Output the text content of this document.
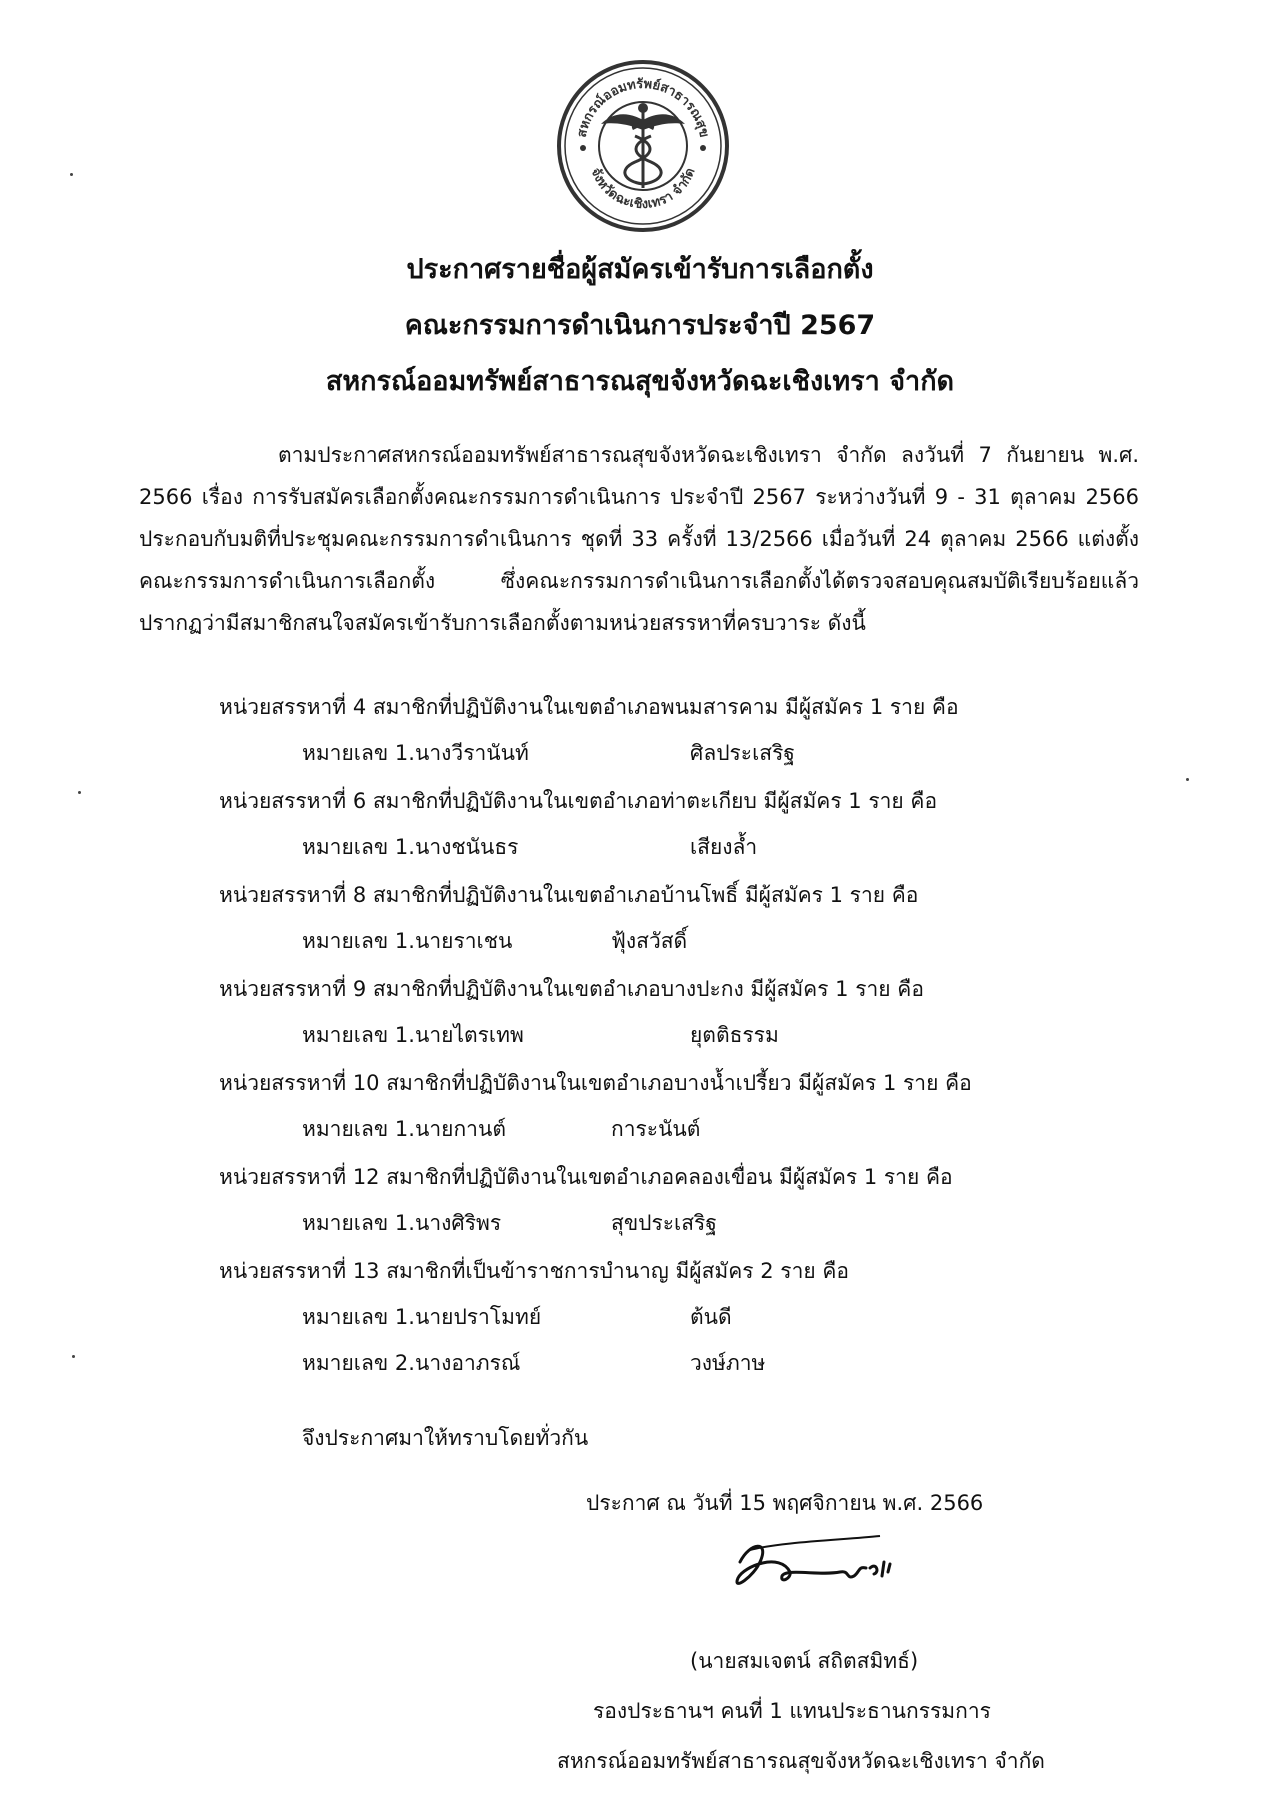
สหกรณ์ออมทรัพย์สาธารณสุข
จังหวัดฉะเชิงเทรา จำกัด
ประกาศรายชื่อผู้สมัครเข้ารับการเลือกตั้ง
คณะกรรมการดำเนินการประจำปี 2567
สหกรณ์ออมทรัพย์สาธารณสุขจังหวัดฉะเชิงเทรา จำกัด

ตามประกาศสหกรณ์ออมทรัพย์สาธารณสุขจังหวัดฉะเชิงเทรา จำกัด ลงวันที่ 7 กันยายน พ.ศ. 2566 เรื่อง การรับสมัครเลือกตั้งคณะกรรมการดำเนินการ ประจำปี 2567 ระหว่างวันที่ 9 - 31 ตุลาคม 2566 ประกอบกับมติที่ประชุมคณะกรรมการดำเนินการ ชุดที่ 33 ครั้งที่ 13/2566 เมื่อวันที่ 24 ตุลาคม 2566 แต่งตั้งคณะกรรมการดำเนินการเลือกตั้ง ซึ่งคณะกรรมการดำเนินการเลือกตั้งได้ตรวจสอบคุณสมบัติเรียบร้อยแล้ว ปรากฏว่ามีสมาชิกสนใจสมัครเข้ารับการเลือกตั้งตามหน่วยสรรหาที่ครบวาระ ดังนี้

หน่วยสรรหาที่ 4 สมาชิกที่ปฏิบัติงานในเขตอำเภอพนมสารคาม มีผู้สมัคร 1 ราย คือ
หมายเลข 1. นางวีรานันท์	ศิลประเสริฐ
หน่วยสรรหาที่ 6 สมาชิกที่ปฏิบัติงานในเขตอำเภอท่าตะเกียบ มีผู้สมัคร 1 ราย คือ
หมายเลข 1. นางชนันธร	เสียงล้ำ
หน่วยสรรหาที่ 8 สมาชิกที่ปฏิบัติงานในเขตอำเภอบ้านโพธิ์ มีผู้สมัคร 1 ราย คือ
หมายเลข 1. นายราเชน	ฟุ้งสวัสดิ์
หน่วยสรรหาที่ 9 สมาชิกที่ปฏิบัติงานในเขตอำเภอบางปะกง มีผู้สมัคร 1 ราย คือ
หมายเลข 1. นายไตรเทพ	ยุตติธรรม
หน่วยสรรหาที่ 10 สมาชิกที่ปฏิบัติงานในเขตอำเภอบางน้ำเปรี้ยว มีผู้สมัคร 1 ราย คือ
หมายเลข 1. นายกานต์	การะนันต์
หน่วยสรรหาที่ 12 สมาชิกที่ปฏิบัติงานในเขตอำเภอคลองเขื่อน มีผู้สมัคร 1 ราย คือ
หมายเลข 1. นางศิริพร	สุขประเสริฐ
หน่วยสรรหาที่ 13 สมาชิกที่เป็นข้าราชการบำนาญ มีผู้สมัคร 2 ราย คือ
หมายเลข 1. นายปราโมทย์	ต้นดี
หมายเลข 2. นางอาภรณ์	วงษ์ภาษ
จึงประกาศมาให้ทราบโดยทั่วกัน
ประกาศ ณ วันที่ 15 พฤศจิกายน พ.ศ. 2566
(นายสมเจตน์ สถิตสมิทธ์)
รองประธานฯ คนที่ 1 แทนประธานกรรมการ
สหกรณ์ออมทรัพย์สาธารณสุขจังหวัดฉะเชิงเทรา จำกัด
